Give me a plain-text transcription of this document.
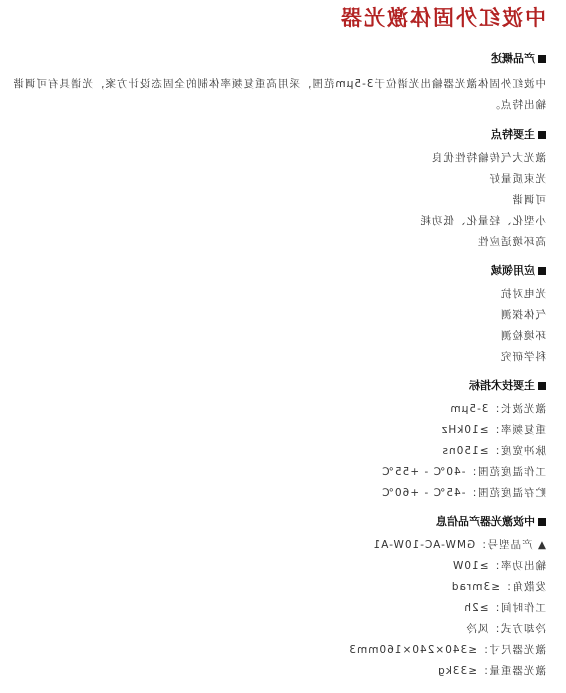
中波红外固体激光器

产品概述

中波红外固体激光器输出光谱位于3-5μm范围，采用高重复频率体制的全固态设计方案，光谱具有可调谐输出特点。

主要特点

激光大气传输特性优良
光束质量好
可调谐
小型化、轻量化、低功耗
高环境适应性

应用领域

光电对抗
气体探测
环境检测
科学研究

主要技术指标

激光波长：3-5μm
重复频率：≥10kHz
脉冲宽度：≥150ns
工作温度范围：-40℃ - +55℃
贮存温度范围：-45℃ - +60℃

中波激光器产品信息

▲ 产品型号：GMW-AC-10W-A1
输出功率：≥10W
发散角：≤3mrad
工作时间：≥2h
冷却方式：风冷
激光器尺寸：≤340×240×160mm3
激光器重量：≤33kg
